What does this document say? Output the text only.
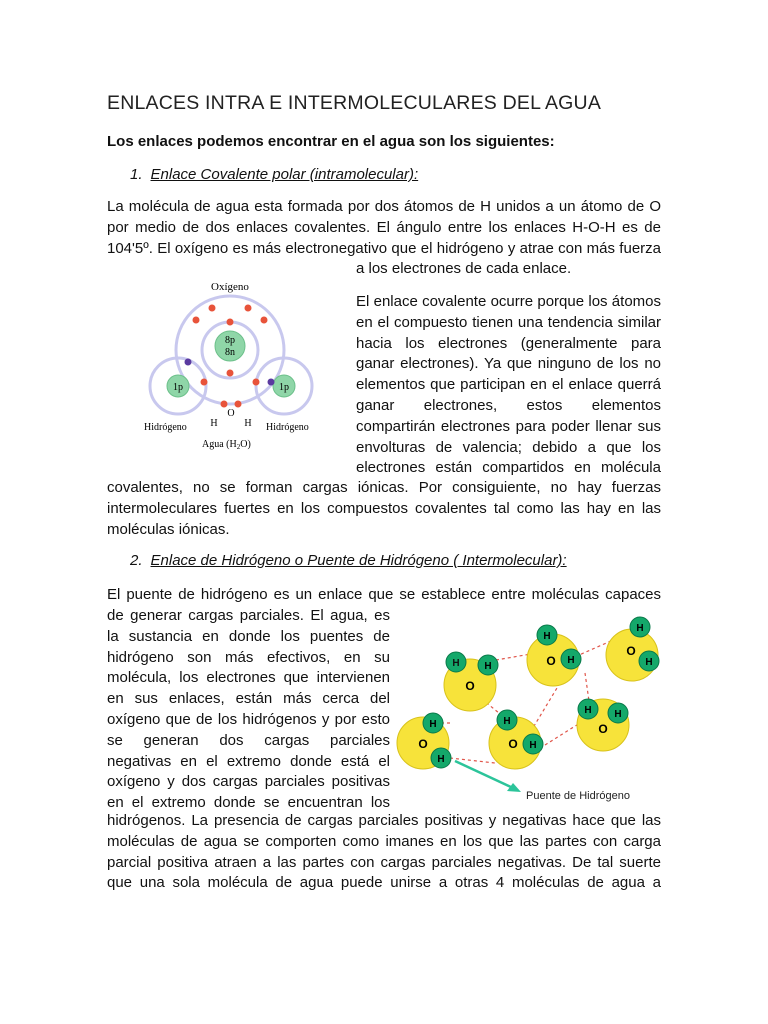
ENLACES INTRA E INTERMOLECULARES DEL AGUA
Los enlaces podemos encontrar en el agua son los siguientes:
1. Enlace Covalente polar (intramolecular):
La molécula de agua esta formada por dos átomos de H unidos a un átomo de O
por medio de dos enlaces covalentes. El ángulo entre los enlaces H-O-H es de
104'5º. El oxígeno es más electronegativo que el hidrógeno y atrae con más fuerza
a los electrones de cada enlace.
El enlace covalente ocurre porque los átomos
en el compuesto tienen una tendencia similar
hacia los electrones (generalmente para
ganar electrones). Ya que ninguno de los no
elementos que participan en el enlace querrá
ganar electrones, estos elementos
compartirán electrones para poder llenar sus
envolturas de valencia; debido a que los
electrones están compartidos en molécula
covalentes, no se forman cargas iónicas. Por consiguiente, no hay fuerzas
intermoleculares fuertes en los compuestos covalentes tal como las hay en las
moléculas iónicas.
Oxígeno
8p
8n
1p	1p
O
H	H
Hidrógeno	Hidrógeno
Agua $(H_2O)$
2. Enlace de Hidrógeno o Puente de Hidrógeno ( Intermolecular):
El puente de hidrógeno es un enlace que se establece entre moléculas capaces
de generar cargas parciales. El agua, es
la sustancia en donde los puentes de
hidrógeno son más efectivos, en su
molécula, los electrones que intervienen
en sus enlaces, están más cerca del
oxígeno que de los hidrógenos y por esto
se generan dos cargas parciales
negativas en el extremo donde está el
oxígeno y dos cargas parciales positivas
en el extremo donde se encuentran los
O
H H	O
H
H
O
H
H
O
H
H
O
H
H
O
H H
Puente de Hidrógeno
hidrógenos. La presencia de cargas parciales positivas y negativas hace que las
moléculas de agua se comporten como imanes en los que las partes con carga
parcial positiva atraen a las partes con cargas parciales negativas. De tal suerte
que una sola molécula de agua puede unirse a otras 4 moléculas de agua a
